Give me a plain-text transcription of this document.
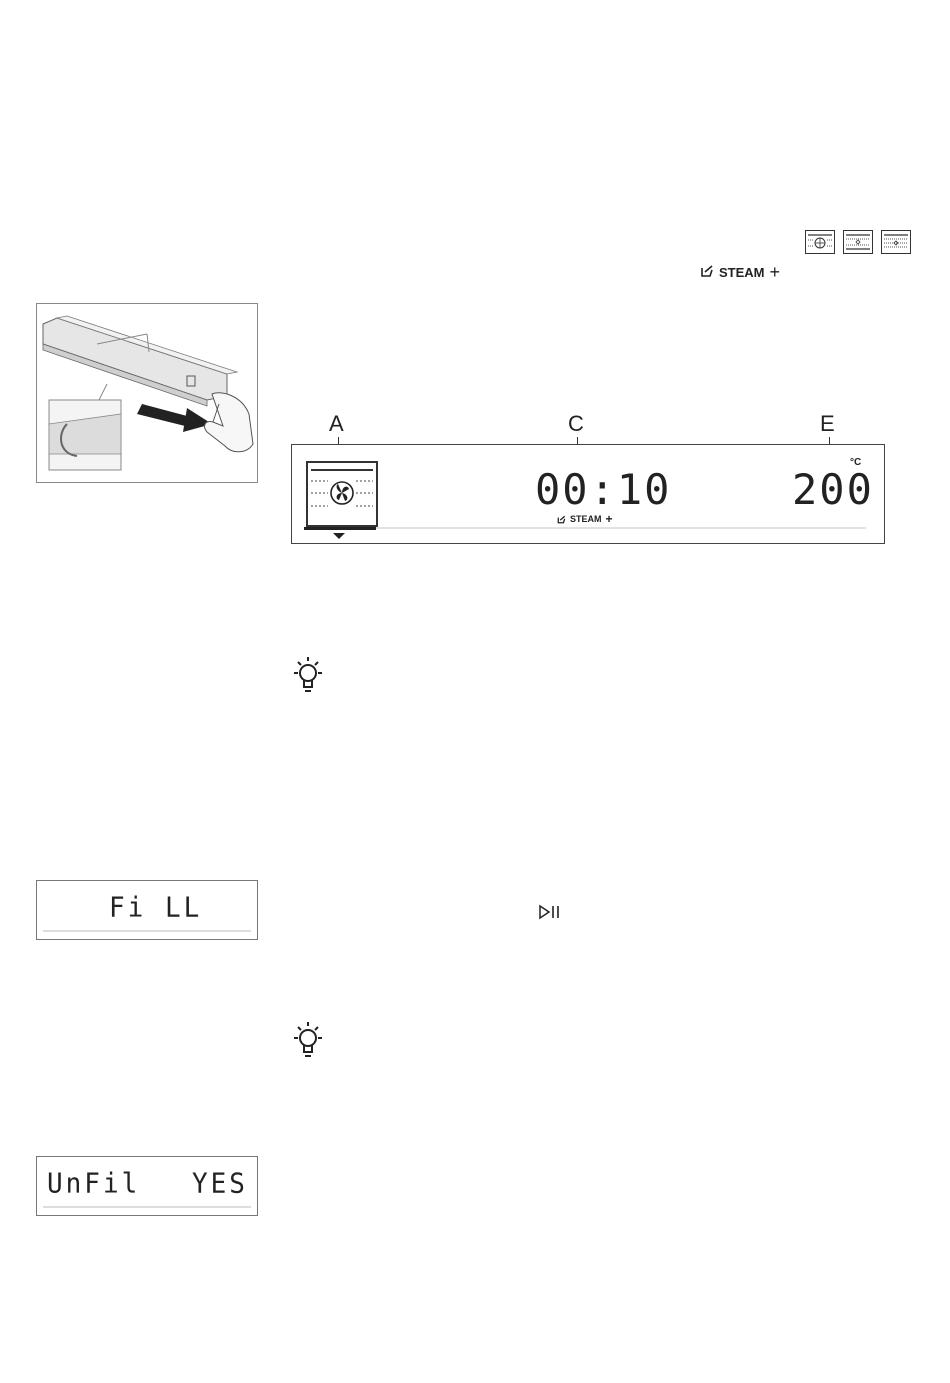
STEAM +
A	C	E
00:10
STEAM +
200
°C
Fi LL
UnFil YES
